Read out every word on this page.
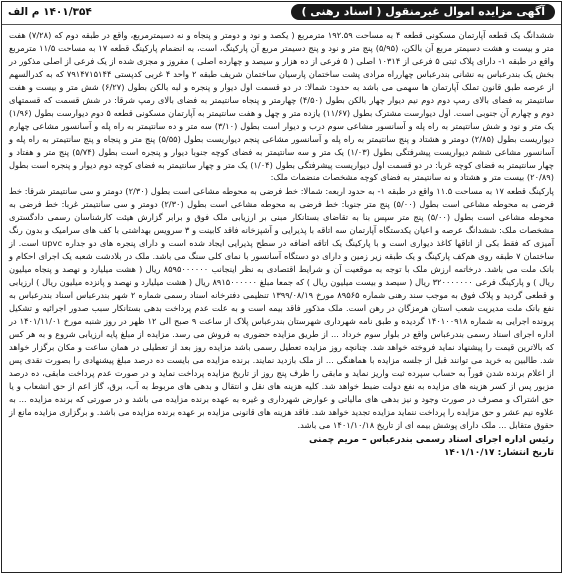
۱۴۰۱/۳۵۴ م الف	آگهی مزایده اموال غیرمنقول ( اسناد رهنی )

ششدانگ یک قطعه آپارتمان مسکونی قطعه ۴ به مساحت ۱۹۲.۵۹ مترمربع ( یکصد و نود و دومتر و پنجاه و نه دسیمترمربع، واقع در طبقه دوم که (۷/۲۸) هفت متر و بیست و هشت دسیمتر مربع آن بالکن، (۵/۹۵) پنج متر و نود و پنج دسیمتر مربع آن پارکینگ، است، به انضمام پارکینگ قطعه ۱۷ به مساحت ۱۱/۵ مترمربع واقع در طبقه ۱- دارای پلاک ثبتی ۵ فرعی از ۱۰۳۱۴ اصلی ( ۵ فرعی از ده هزار و سیصد و چهارده اصلی ) مفروز و مجزی شده از یک فرعی از اصلی مذکور در بخش یک بندرعباس به نشانی بندرعباس چهارراه مرادی پشت ساختمان پارسیان ساختمان شریف طبقه ۲ واحد ۴ غربی کدپستی ۷۹۱۴۷۱۵۱۴۴ که به کدرالسهم از عرصه طبق قانون تملک آپارتمان ها سهمی می باشد به حدود: شمالا: در دو قسمت اول دیوار و پنجره و لبه بالکن بطول (۶/۲۷) شش متر و بیست و هفت سانتیمتر به فضای بالای رمپ دوم دوم نیم دیوار چهار بالکن بطول (۴/۵۰) چهارمتر و پنجاه سانتیمتر به فضای بالای رمپ شرقا: در شش قسمت که قسمتهای دوم و چهارم آن جنوبی است. اول دیوارست مشترک بطول (۱۱/۶۷) یازده متر و چهل و هفت سانتیمتر به آپارتمان مسکونی قطعه ۵ دوم دیوارست بطول (۱/۹۶) یک متر و نود و شش سانتیمتر به راه پله و آسانسور مشاعی سوم درب و دیوار است بطول (۳/۱۰) سه متر و ده سانتیمتر به راه پله و آسانسور مشاعی چهارم دیواریست بطول (۲/۸۵) دومتر و هشتاد و پنج سانتیمتر به راه پله و آسانسور مشاعی پنجم دیواریست بطول (۵/۵۵) پنج متر و پنجاه و پنج سانتیمتر به راه پله و آسانسور مشاعی ششم دیواریست پیشرفتگی بطول (۱/۰۳) یک متر و سه سانتیمتر به فضای کوچه جنوبا دیوار و پنجره است بطول (۵/۷۴) پنج متر و هفتاد و چهار سانتیمتر به فضای کوچه غربا: در دو قسمت اول دیواریست پیشرفتگی بطول (۱/۰۴) یک متر و چهار سانتیمتر به فضای کوچه دوم دیوار و پنجره است بطول (۲۰/۸۹) بیست متر و هشتاد و نه سانتیمتر به فضای کوچه مشخصات منضمات ملک:

پارکینگ قطعه ۱۷ به مساحت ۱۱.۵ واقع در طبقه ۱- به حدود اربعه: شمالا: خط فرضی به محوطه مشاعی است بطول (۲/۳۰) دومتر و سی سانتیمتر شرقا: خط فرضی به محوطه مشاعی است بطول (۵/۰۰) پنج متر جنوبا: خط فرضی به محوطه مشاعی است بطول (۲/۳۰) دومتر و سی سانتیمتر غربا: خط فرضی به محوطه مشاعی است بطول (۵/۰۰) پنج متر سپس بنا به تقاضای بستانکار مبنی بر ارزیابی ملک فوق و برابر گزارش هیئت کارشناسان رسمی دادگستری مشخصات ملک: ششدانگ عرصه و اعیان یکدستگاه آپارتمان سه اتاقه با پذیرایی و آشپزخانه فاقد کابینت و ۳ سرویس بهداشتی با کف های سرامیک و بدون رنگ آمیزی که فقط بکی از اتاقها کاغذ دیواری است و با پارکینگ یک اتاقه اضافه در سطح پذیرایی ایجاد شده است و دارای پنجره های دو جداره upvc است. از ساختمان ۷ طبقه روی هم‌کف پارکینگ و یک طبقه زیر زمین و دارای دو دستگاه آسانسور با نمای کلی سنگ می باشد. ملک در بلادشت شعبه یک اجرای احکام و بانک ملت می باشد. درخاتمه ارزش ملک با توجه به موقعیت آن و شرایط اقتصادی به نظر اینجانب ۸۵۹۵۰۰۰۰۰۰ ریال ( هشت میلیارد و نهصد و پنجاه میلیون ریال ) و پارکینگ فرعی ۳۲۰۰۰۰۰۰۰ ریال ( سیصد و بیست میلیون ریال ) که جمعا مبلغ ۸۹۱۵۰۰۰۰۰۰ ریال ( هشت میلیارد و نهصد و پانزده میلیون ریال ) ارزیابی و قطعی گردید و پلاک فوق به موجب سند رهنی شماره ۸۹۵۶۵ مورخ ۱۳۹۹/۰۸/۱۹ تنظیمی دفترخانه اسناد رسمی شماره ۲ شهر بندرعباس اسناد بندرعباس به نفع بانک ملت مدیریت شعب استان هرمزگان در رهن است. ملک مذکور فاقد بیمه است و به علت عدم پرداخت بدهی بستانکار سبب صدور اجرائیه و تشکیل پرونده اجرایی به شماره ۱۴۰۱۰۰۹۱۸ گردیده و طبق نامه شهرداری شهرستان بندرعباس پلاک از ساعت ۹ صبح الی ۱۲ ظهر در روز شنبه مورخ ۱۴۰۱/۱۱/۰۱ در اداره اجرای اسناد رسمی بندرعباس واقع در بلوار سوم خرداد ... از طریق مزایده حضوری به فروش می رسد. مزایده از مبلغ پایه ارزیابی شروع و به هر کس که بالاترین قیمت را پیشنهاد نماید فروخته خواهد شد. چنانچه روز مزایده تعطیل رسمی باشد مزایده روز بعد از تعطیلی در همان ساعت و مکان برگزار خواهد شد. طالبین به خرید می توانند قبل از جلسه مزایده با هماهنگی ... از ملک بازدید نمایند. برنده مزایده می بایست ده درصد مبلغ پیشنهادی را بصورت نقدی پس از اعلام برنده شدن فوراً به حساب سپرده ثبت واریز نماید و مابقی را ظرف پنج روز از تاریخ مزایده پرداخت نماید و در صورت عدم پرداخت مابقی، ده درصد مزبور پس از کسر هزینه های مزایده به نفع دولت ضبط خواهد شد. کلیه هزینه های نقل و انتقال و بدهی های مربوط به آب، برق، گاز اعم از حق انشعاب و یا حق اشتراک و مصرف در صورت وجود و نیز بدهی های مالیاتی و عوارض شهرداری و غیره به عهده برنده مزایده می باشد و در صورتی که برنده مزایده ... به علاوه نیم عشر و حق مزایده را پرداخت ننماید مزایده تجدید خواهد شد. فاقد هزینه های قانونی مزایده بر عهده برنده مزایده می باشد. و برگزاری مزایده مانع از حقوق متقابل ... ملک دارای پوشش بیمه ای از تاریخ ۱۴۰۱/۱۰/۱۸ می باشد.

رئیس اداره اجرای اسناد رسمی بندرعباس – مریم چمنی
تاریخ انتشار: ۱۴۰۱/۱۰/۱۷
